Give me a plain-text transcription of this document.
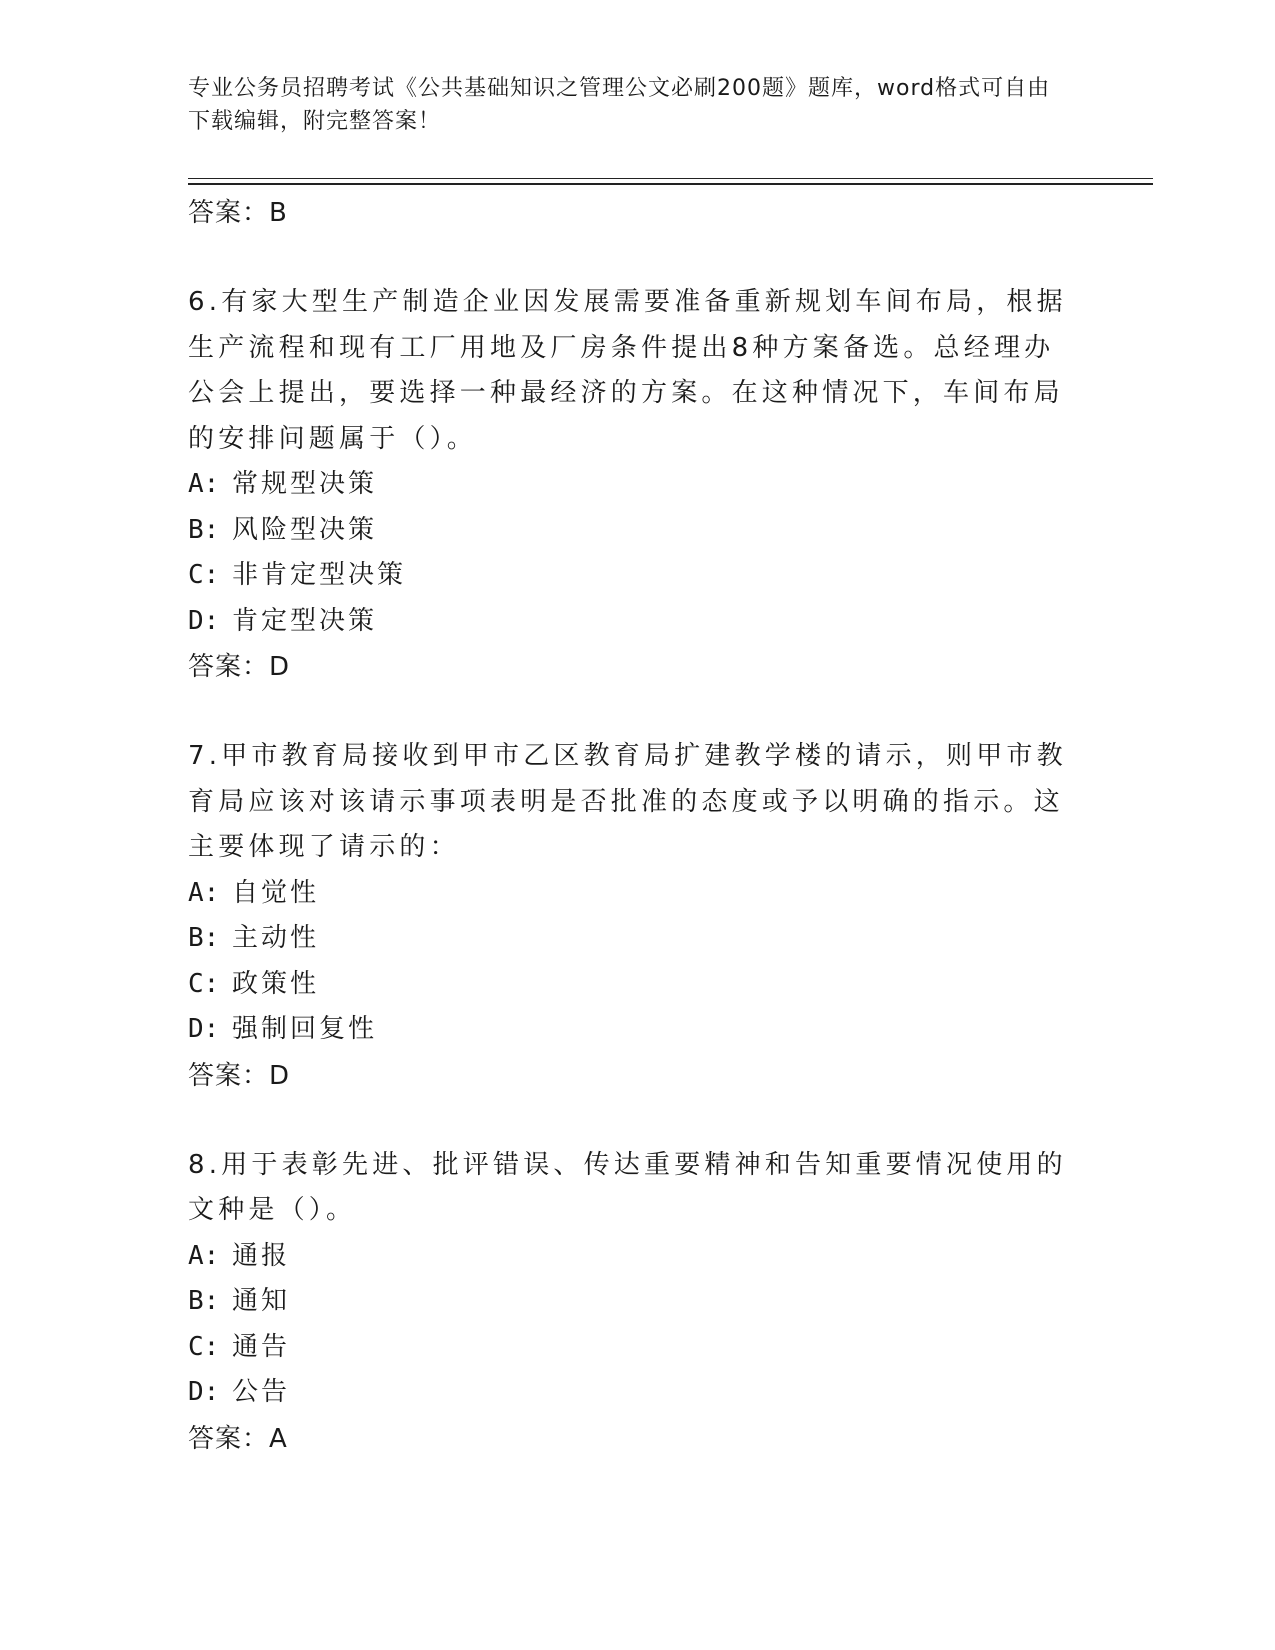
专业公务员招聘考试《公共基础知识之管理公文必刷200题》题库，word格式可自由下载编辑，附完整答案！
答案：B
6.有家大型生产制造企业因发展需要准备重新规划车间布局，根据生产流程和现有工厂用地及厂房条件提出8种方案备选。总经理办公会上提出，要选择一种最经济的方案。在这种情况下，车间布局的安排问题属于（）。
A: 常规型决策
B: 风险型决策
C: 非肯定型决策
D: 肯定型决策
答案：D
7.甲市教育局接收到甲市乙区教育局扩建教学楼的请示，则甲市教育局应该对该请示事项表明是否批准的态度或予以明确的指示。这主要体现了请示的：
A: 自觉性
B: 主动性
C: 政策性
D: 强制回复性
答案：D
8.用于表彰先进、批评错误、传达重要精神和告知重要情况使用的文种是（）。
A: 通报
B: 通知
C: 通告
D: 公告
答案：A
